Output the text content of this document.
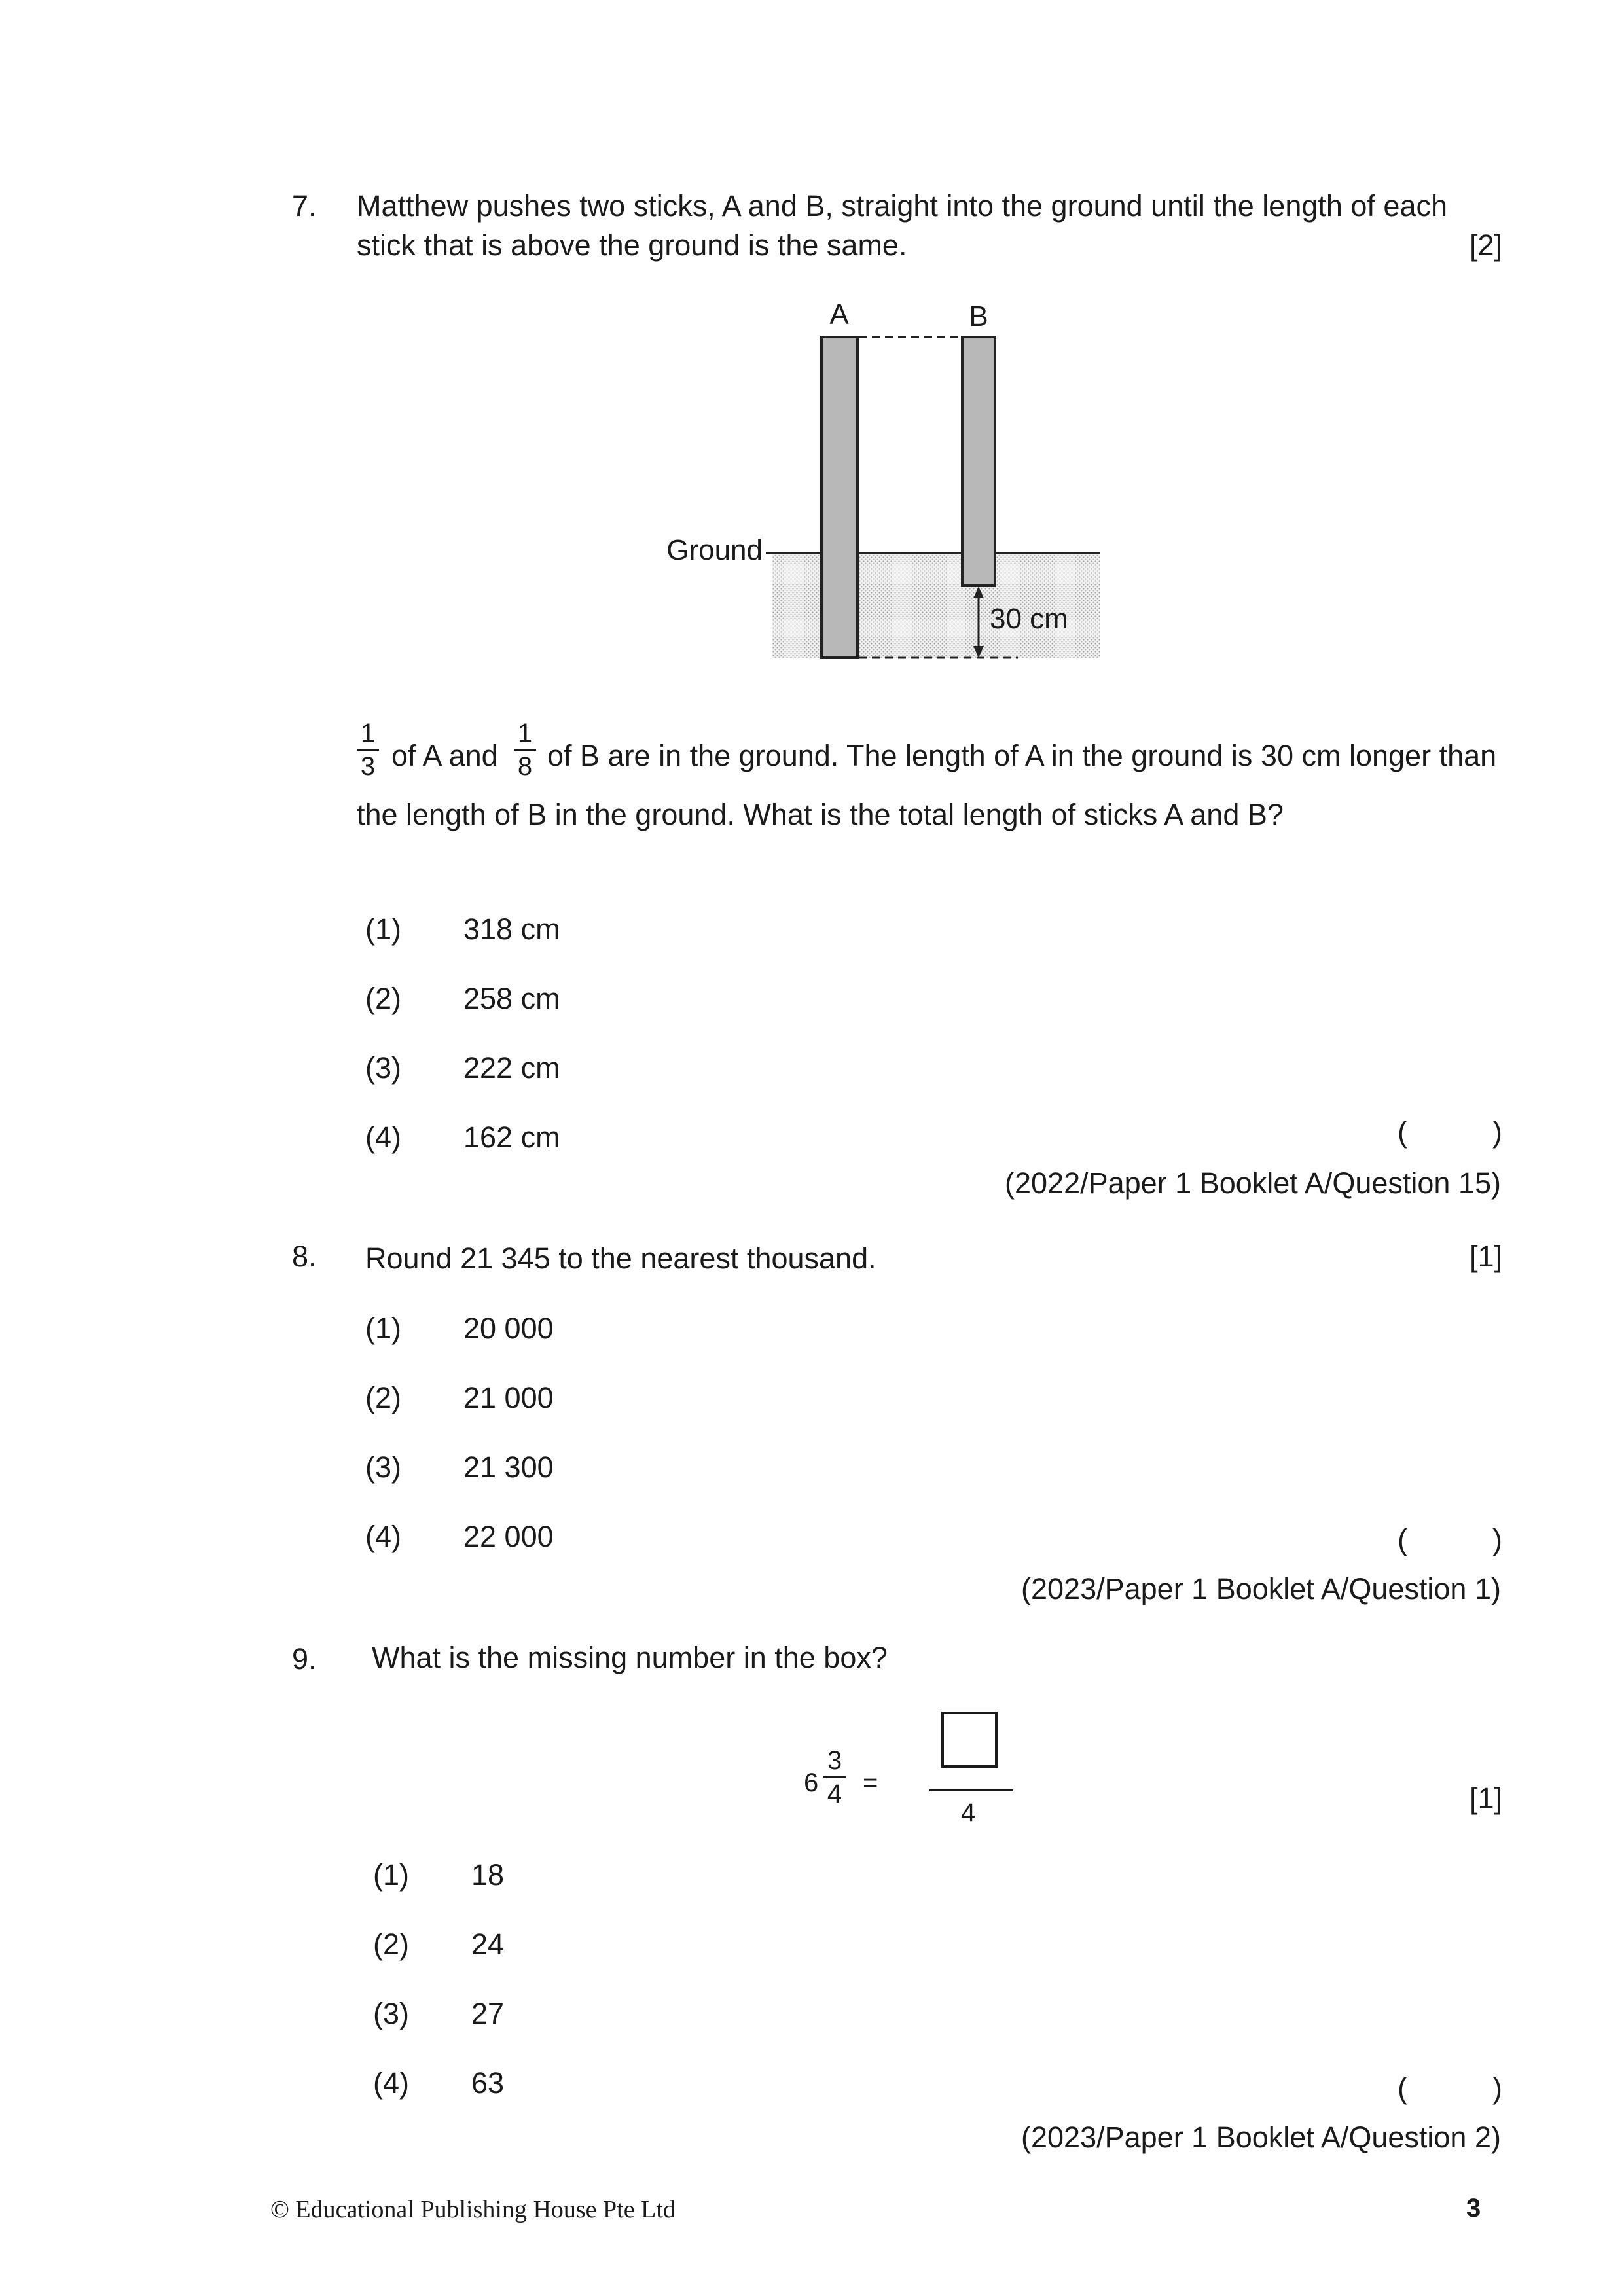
7. Matthew pushes two sticks, A and B, straight into the ground until the length of each
stick that is above the ground is the same.	[2]
A	B
Ground
30 cm
1
3 of A and
1
8 of B are in the ground. The length of A in the ground is 30 cm longer than
the length of B in the ground. What is the total length of sticks A and B?
(1) 318 cm
(2) 258 cm
(3) 222 cm
(4) 162 cm	(	)
(2022/Paper 1 Booklet A/Question 15)
8. Round 21 345 to the nearest thousand.	[1]
(1) 20 000
(2) 21 000
(3) 21 300
(4) 22 000	(	)
(2023/Paper 1 Booklet A/Question 1)
9. What is the missing number in the box?
6
3
4 =
4	[1]
(1) 18
(2) 24
(3) 27
(4) 63	(	)
(2023/Paper 1 Booklet A/Question 2)
© Educational Publishing House Pte Ltd	3
